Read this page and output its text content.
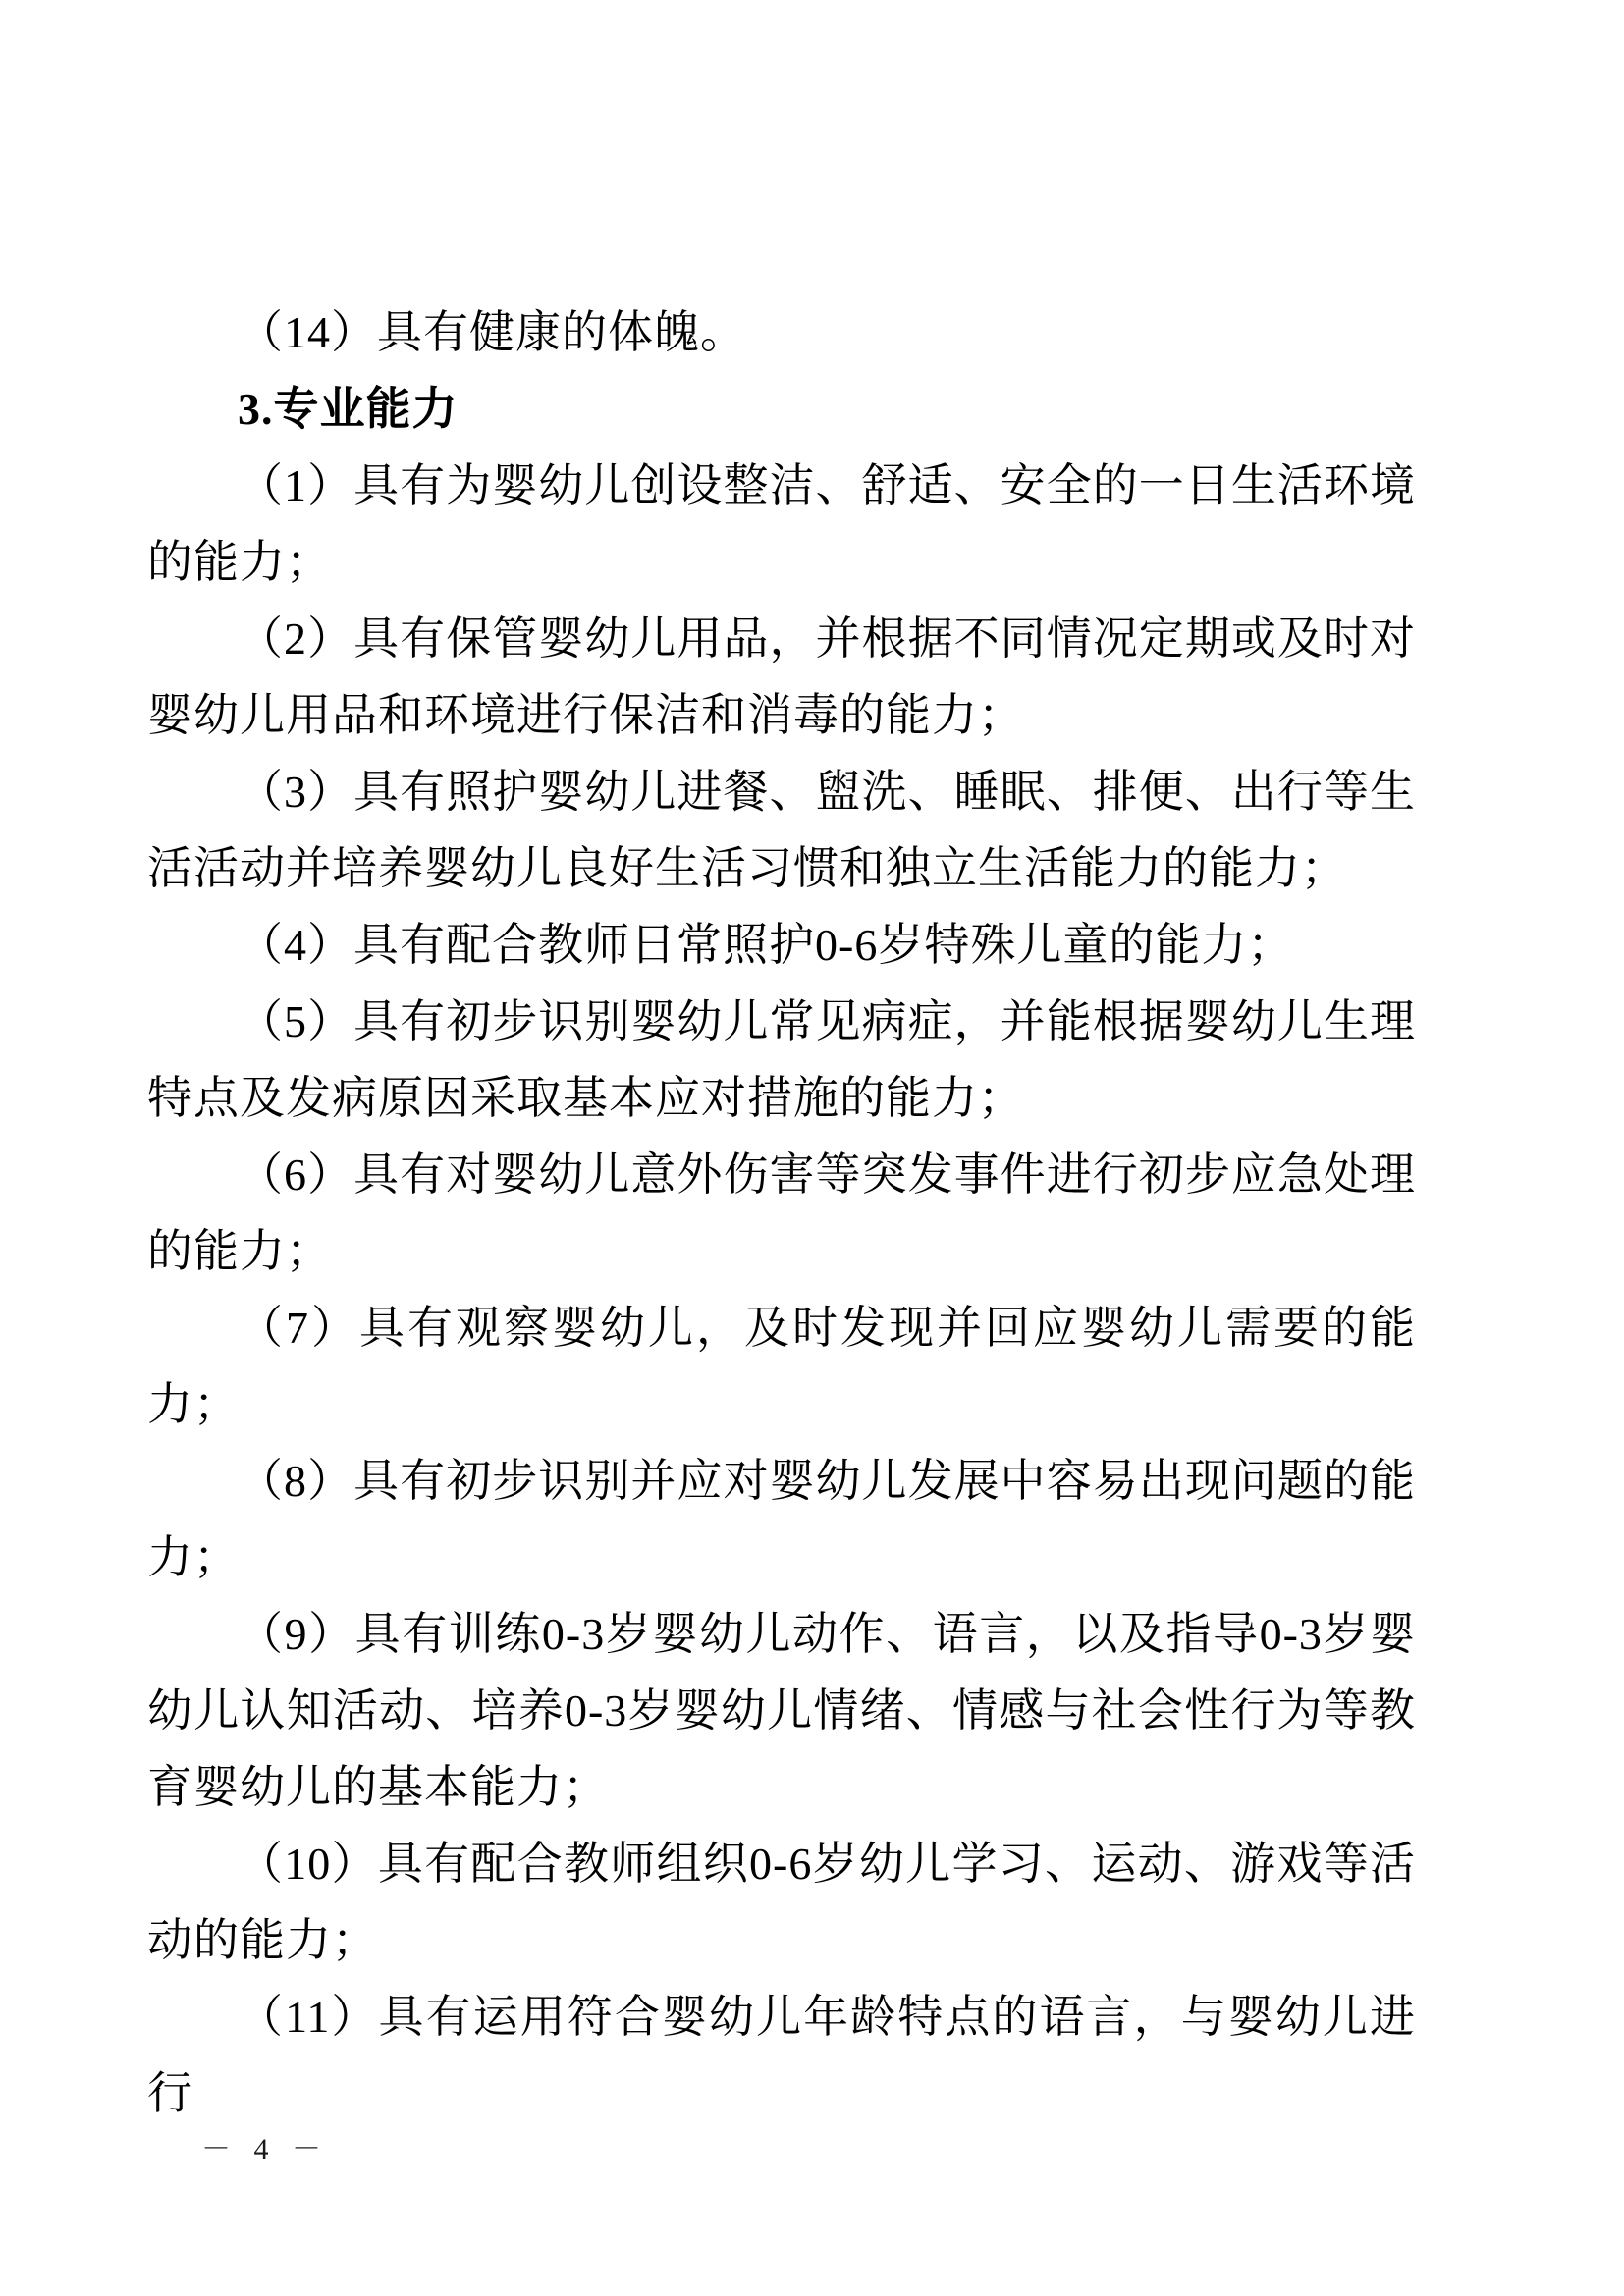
（14）具有健康的体魄。

3.专业能力

（1）具有为婴幼儿创设整洁、舒适、安全的一日生活环境的能力；

（2）具有保管婴幼儿用品，并根据不同情况定期或及时对婴幼儿用品和环境进行保洁和消毒的能力；

（3）具有照护婴幼儿进餐、盥洗、睡眠、排便、出行等生活活动并培养婴幼儿良好生活习惯和独立生活能力的能力；

（4）具有配合教师日常照护0-6岁特殊儿童的能力；

（5）具有初步识别婴幼儿常见病症，并能根据婴幼儿生理特点及发病原因采取基本应对措施的能力；

（6）具有对婴幼儿意外伤害等突发事件进行初步应急处理的能力；

（7）具有观察婴幼儿，及时发现并回应婴幼儿需要的能力；

（8）具有初步识别并应对婴幼儿发展中容易出现问题的能力；

（9）具有训练0-3岁婴幼儿动作、语言，以及指导0-3岁婴幼儿认知活动、培养0-3岁婴幼儿情绪、情感与社会性行为等教育婴幼儿的基本能力；

（10）具有配合教师组织0-6岁幼儿学习、运动、游戏等活动的能力；

（11）具有运用符合婴幼儿年龄特点的语言，与婴幼儿进行

－ 4 －
